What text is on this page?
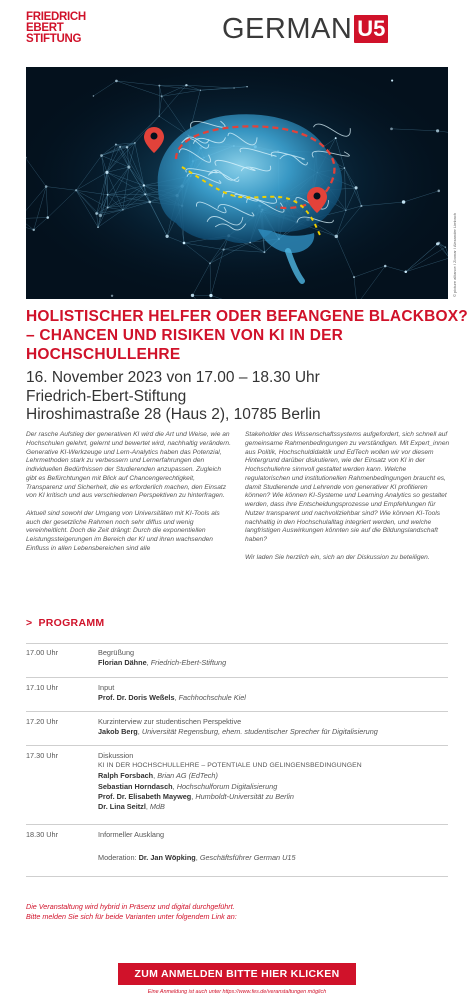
FRIEDRICH
EBERT
STIFTUNG	GERMAN U5
© picture alliance / Zoonar / Alexander Limbach
HOLISTISCHER HELFER ODER BEFANGENE BLACKBOX?
– CHANCEN UND RISIKEN VON KI IN DER
HOCHSCHULLEHRE
16. November 2023 von 17.00 – 18.30 Uhr
Friedrich-Ebert-Stiftung
Hiroshimastraße 28 (Haus 2), 10785 Berlin

Der rasche Aufstieg der generativen KI wird die Art und Weise, wie an Hochschulen gelehrt, gelernt und bewertet wird, nachhaltig verändern. Generative KI-Werkzeuge und Lern-Analytics haben das Potenzial, Lehrmethoden stark zu verbessern und Lernerfahrungen den individuellen Bedürfnissen der Studierenden anzupassen. Zugleich gibt es Befürchtungen mit Blick auf Chancengerechtigkeit, Transparenz und Sicherheit, die es erforderlich machen, den Einsatz von KI kritisch und aus verschiedenen Perspektiven zu hinterfragen.

Aktuell sind sowohl der Umgang von Universitäten mit KI-Tools als auch der gesetzliche Rahmen noch sehr diffus und wenig vereinheitlicht. Doch die Zeit drängt: Durch die exponentiellen Leistungssteigerungen im Bereich der KI und ihren wachsenden Einfluss in allen Lebensbereichen sind alle

Stakeholder des Wissenschaftssystems aufgefordert, sich schnell auf gemeinsame Rahmenbedingungen zu verständigen. Mit Expert_innen aus Politik, Hochschuldidaktik und EdTech wollen wir vor diesem Hintergrund darüber diskutieren, wie der Einsatz von KI in der Hochschullehre sinnvoll gestaltet werden kann. Welche regulatorischen und institutionellen Rahmenbedingungen braucht es, damit Studierende und Lehrende von generativer KI profitieren können? Wie können KI-Systeme und Learning Analytics so gestaltet werden, dass ihre Entscheidungsprozesse und Empfehlungen für Nutzer transparent und nachvollziehbar sind? Wie können KI-Tools nachhaltig in den Hochschulalltag integriert werden, und welche langfristigen Auswirkungen könnten sie auf die Bildungslandschaft haben?

Wir laden Sie herzlich ein, sich an der Diskussion zu beteiligen.

> PROGRAMM
17.00 Uhr	Begrüßung
Florian Dähne, Friedrich-Ebert-Stiftung
17.10 Uhr	Input
Prof. Dr. Doris Weßels, Fachhochschule Kiel
17.20 Uhr	Kurzinterview zur studentischen Perspektive
Jakob Berg, Universität Regensburg, ehem. studentischer Sprecher für Digitalisierung
17.30 Uhr	Diskussion
KI IN DER HOCHSCHULLEHRE – POTENTIALE UND GELINGENSBEDINGUNGEN
Ralph Forsbach, Brian AG (EdTech)
Sebastian Horndasch, Hochschulforum Digitalisierung
Prof. Dr. Elisabeth Mayweg, Humboldt-Universität zu Berlin
Dr. Lina Seitzl, MdB
18.30 Uhr	Informeller Ausklang
Moderation: Dr. Jan Wöpking, Geschäftsführer German U15
Die Veranstaltung wird hybrid in Präsenz und digital durchgeführt.
Bitte melden Sie sich für beide Varianten unter folgendem Link an:
ZUM ANMELDEN BITTE HIER KLICKEN
Eine Anmeldung ist auch unter https://www.fes.de/veranstaltungen möglich
